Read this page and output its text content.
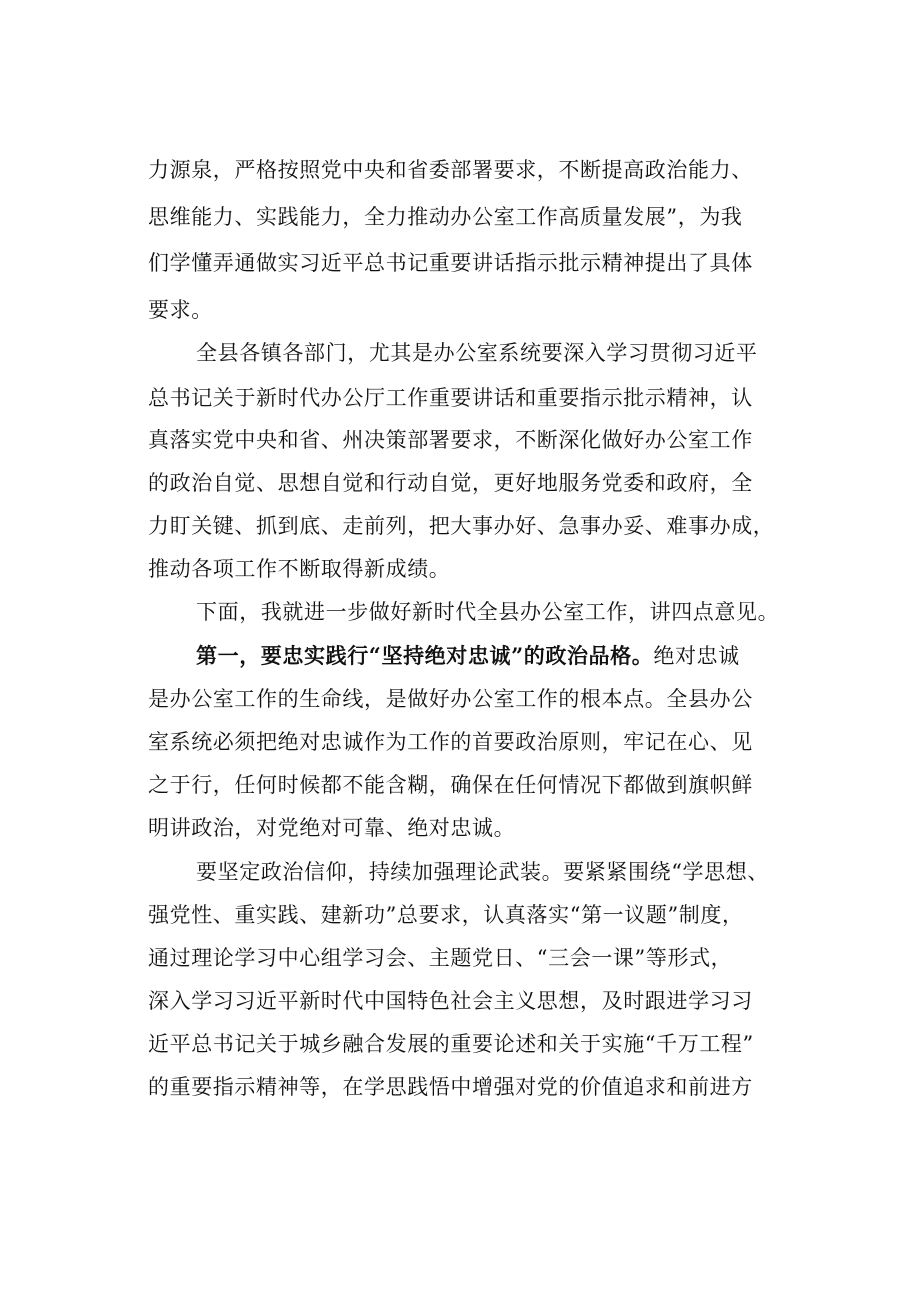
力源泉，严格按照党中央和省委部署要求，不断提高政治能力、
思维能力、实践能力，全力推动办公室工作高质量发展”，为我
们学懂弄通做实习近平总书记重要讲话指示批示精神提出了具体
要求。
全县各镇各部门，尤其是办公室系统要深入学习贯彻习近平
总书记关于新时代办公厅工作重要讲话和重要指示批示精神，认
真落实党中央和省、州决策部署要求，不断深化做好办公室工作
的政治自觉、思想自觉和行动自觉，更好地服务党委和政府，全
力盯关键、抓到底、走前列，把大事办好、急事办妥、难事办成，
推动各项工作不断取得新成绩。
下面，我就进一步做好新时代全县办公室工作，讲四点意见。
第一，要忠实践行“坚持绝对忠诚”的政治品格。绝对忠诚
是办公室工作的生命线，是做好办公室工作的根本点。全县办公
室系统必须把绝对忠诚作为工作的首要政治原则，牢记在心、见
之于行，任何时候都不能含糊，确保在任何情况下都做到旗帜鲜
明讲政治，对党绝对可靠、绝对忠诚。
要坚定政治信仰，持续加强理论武装。要紧紧围绕“学思想、
强党性、重实践、建新功”总要求，认真落实“第一议题”制度，
通过理论学习中心组学习会、主题党日、“三会一课”等形式，
深入学习习近平新时代中国特色社会主义思想，及时跟进学习习
近平总书记关于城乡融合发展的重要论述和关于实施“千万工程”
的重要指示精神等，在学思践悟中增强对党的价值追求和前进方
